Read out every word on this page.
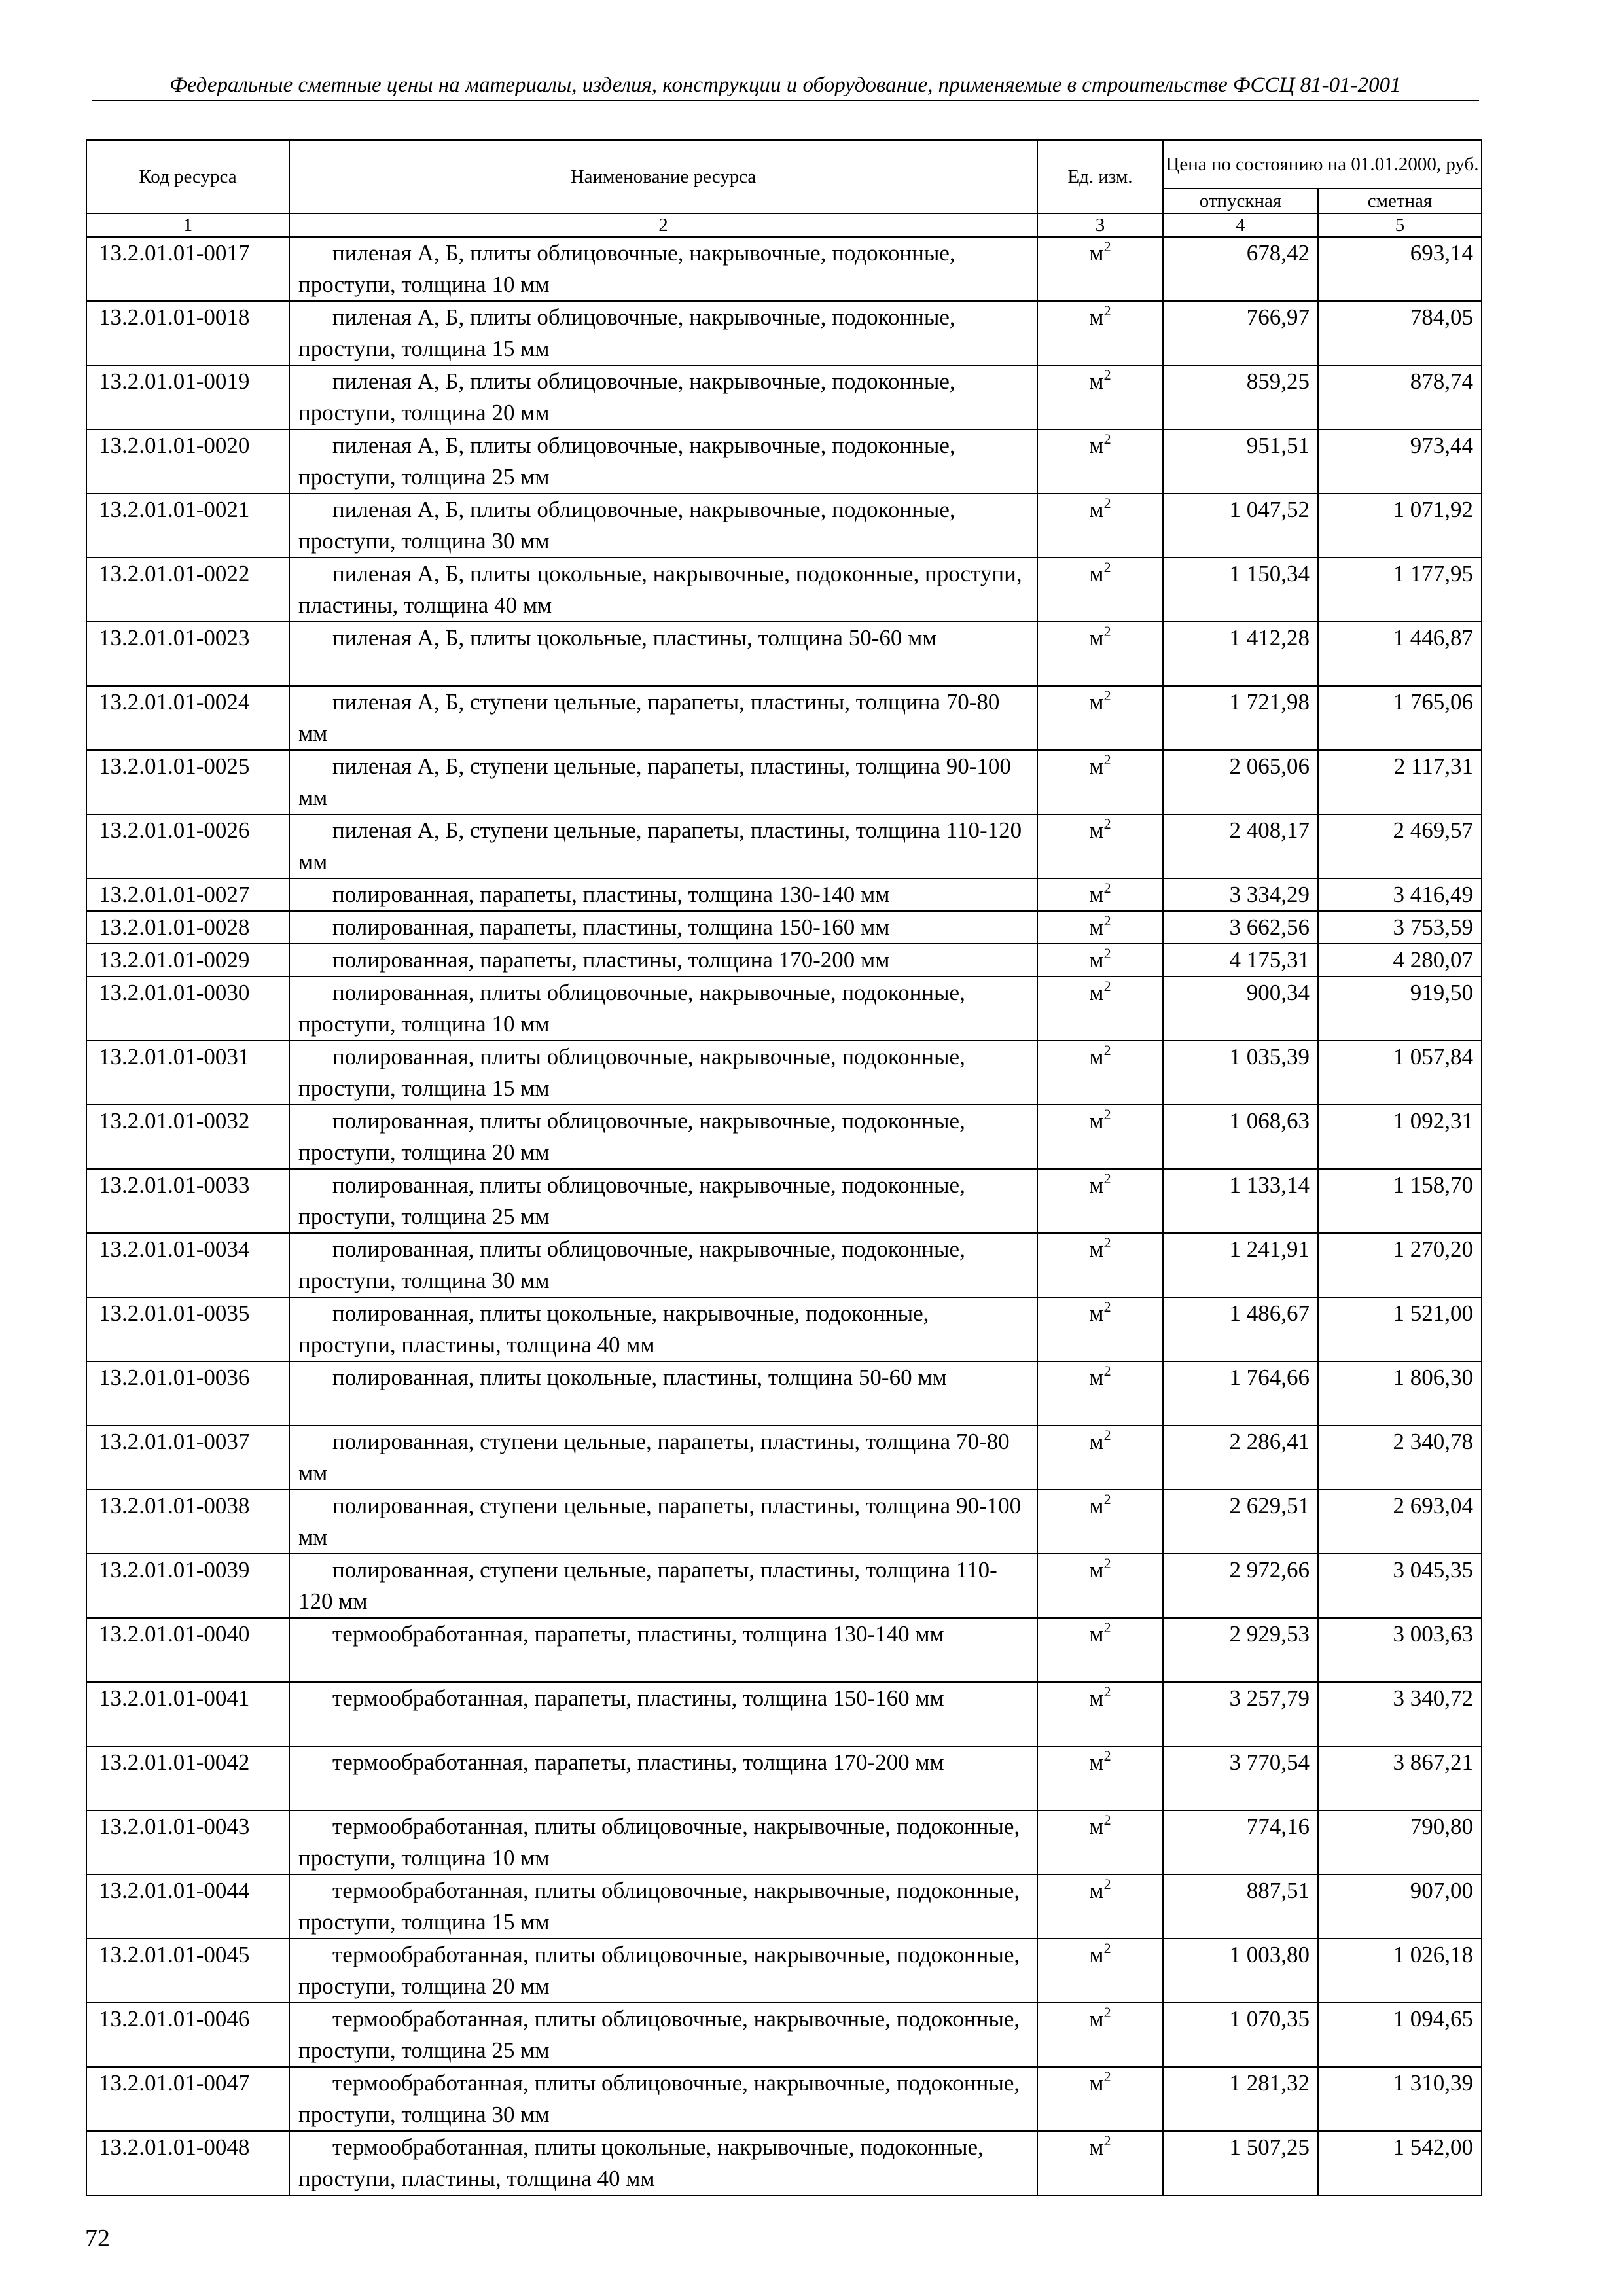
Федеральные сметные цены на материалы, изделия, конструкции и оборудование, применяемые в строительстве ФССЦ 81-01-2001
Код ресурса	Наименование ресурса	Ед. изм.	Цена по состоянию на 01.01.2000, руб.	
			отпускная	сметная
1	2	3	4	5
13.2.01.01-0017	пиленая А, Б, плиты облицовочные, накрывочные, подоконные, проступи, толщина 10 мм	$м^2$	678,42	693,14
13.2.01.01-0018	пиленая А, Б, плиты облицовочные, накрывочные, подоконные, проступи, толщина 15 мм	$м^2$	766,97	784,05
13.2.01.01-0019	пиленая А, Б, плиты облицовочные, накрывочные, подоконные, проступи, толщина 20 мм	$м^2$	859,25	878,74
13.2.01.01-0020	пиленая А, Б, плиты облицовочные, накрывочные, подоконные, проступи, толщина 25 мм	$м^2$	951,51	973,44
13.2.01.01-0021	пиленая А, Б, плиты облицовочные, накрывочные, подоконные, проступи, толщина 30 мм	$м^2$	1 047,52	1 071,92
13.2.01.01-0022	пиленая А, Б, плиты цокольные, накрывочные, подоконные, проступи, пластины, толщина 40 мм	$м^2$	1 150,34	1 177,95
13.2.01.01-0023	пиленая А, Б, плиты цокольные, пластины, толщина 50-60 мм	$м^2$	1 412,28	1 446,87
13.2.01.01-0024	пиленая А, Б, ступени цельные, парапеты, пластины, толщина 70-80 мм	$м^2$	1 721,98	1 765,06
13.2.01.01-0025	пиленая А, Б, ступени цельные, парапеты, пластины, толщина 90-100 мм	$м^2$	2 065,06	2 117,31
13.2.01.01-0026	пиленая А, Б, ступени цельные, парапеты, пластины, толщина 110-120 мм	$м^2$	2 408,17	2 469,57
13.2.01.01-0027	полированная, парапеты, пластины, толщина 130-140 мм	$м^2$	3 334,29	3 416,49
13.2.01.01-0028	полированная, парапеты, пластины, толщина 150-160 мм	$м^2$	3 662,56	3 753,59
13.2.01.01-0029	полированная, парапеты, пластины, толщина 170-200 мм	$м^2$	4 175,31	4 280,07
13.2.01.01-0030	полированная, плиты облицовочные, накрывочные, подоконные, проступи, толщина 10 мм	$м^2$	900,34	919,50
13.2.01.01-0031	полированная, плиты облицовочные, накрывочные, подоконные, проступи, толщина 15 мм	$м^2$	1 035,39	1 057,84
13.2.01.01-0032	полированная, плиты облицовочные, накрывочные, подоконные, проступи, толщина 20 мм	$м^2$	1 068,63	1 092,31
13.2.01.01-0033	полированная, плиты облицовочные, накрывочные, подоконные, проступи, толщина 25 мм	$м^2$	1 133,14	1 158,70
13.2.01.01-0034	полированная, плиты облицовочные, накрывочные, подоконные, проступи, толщина 30 мм	$м^2$	1 241,91	1 270,20
13.2.01.01-0035	полированная, плиты цокольные, накрывочные, подоконные, проступи, пластины, толщина 40 мм	$м^2$	1 486,67	1 521,00
13.2.01.01-0036	полированная, плиты цокольные, пластины, толщина 50-60 мм	$м^2$	1 764,66	1 806,30
13.2.01.01-0037	полированная, ступени цельные, парапеты, пластины, толщина 70-80 мм	$м^2$	2 286,41	2 340,78
13.2.01.01-0038	полированная, ступени цельные, парапеты, пластины, толщина 90-100 мм	$м^2$	2 629,51	2 693,04
13.2.01.01-0039	полированная, ступени цельные, парапеты, пластины, толщина 110-120 мм	$м^2$	2 972,66	3 045,35
13.2.01.01-0040	термообработанная, парапеты, пластины, толщина 130-140 мм	$м^2$	2 929,53	3 003,63
13.2.01.01-0041	термообработанная, парапеты, пластины, толщина 150-160 мм	$м^2$	3 257,79	3 340,72
13.2.01.01-0042	термообработанная, парапеты, пластины, толщина 170-200 мм	$м^2$	3 770,54	3 867,21
13.2.01.01-0043	термообработанная, плиты облицовочные, накрывочные, подоконные, проступи, толщина 10 мм	$м^2$	774,16	790,80
13.2.01.01-0044	термообработанная, плиты облицовочные, накрывочные, подоконные, проступи, толщина 15 мм	$м^2$	887,51	907,00
13.2.01.01-0045	термообработанная, плиты облицовочные, накрывочные, подоконные, проступи, толщина 20 мм	$м^2$	1 003,80	1 026,18
13.2.01.01-0046	термообработанная, плиты облицовочные, накрывочные, подоконные, проступи, толщина 25 мм	$м^2$	1 070,35	1 094,65
13.2.01.01-0047	термообработанная, плиты облицовочные, накрывочные, подоконные, проступи, толщина 30 мм	$м^2$	1 281,32	1 310,39
13.2.01.01-0048	термообработанная, плиты цокольные, накрывочные, подоконные, проступи, пластины, толщина 40 мм	$м^2$	1 507,25	1 542,00
72
